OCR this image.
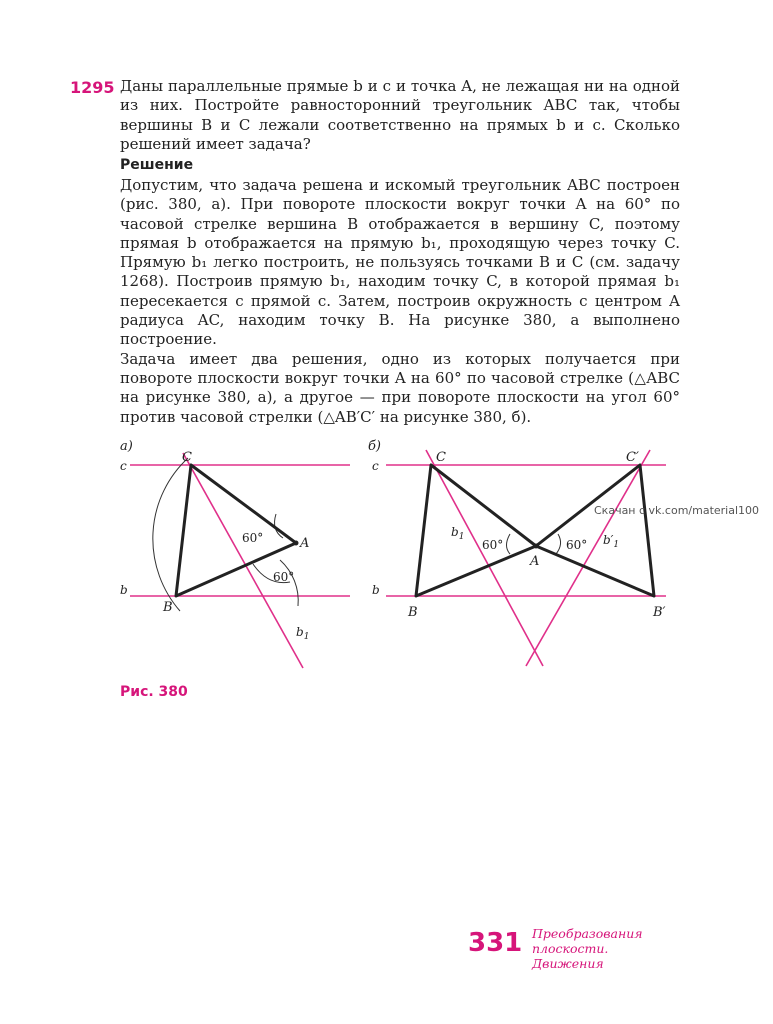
1295 Даны параллельные прямые b и c и точка A, не лежащая ни на одной из них. Постройте равносторонний треугольник ABC так, чтобы вершины B и C лежали соответственно на прямых b и c. Сколько решений имеет задача?

Решение

Допустим, что задача решена и искомый треугольник ABC построен (рис. 380, а). При повороте плоскости вокруг точки A на 60° по часовой стрелке вершина B отображается в вершину C, поэтому прямая b отображается на прямую b₁, проходящую через точку C. Прямую b₁ легко построить, не пользуясь точками B и C (см. задачу 1268). Построив прямую b₁, находим точку C, в которой прямая b₁ пересекается с прямой c. Затем, построив окружность с центром A радиуса AC, находим точку B. На рисунке 380, а выполнено построение.

Задача имеет два решения, одно из которых получается при повороте плоскости вокруг точки A на 60° по часовой стрелке (△ABC на рисунке 380, а), а другое — при повороте плоскости на угол 60° против часовой стрелки (△AB′C′ на рисунке 380, б).

а)
c
b
C
A
B
60°
60°
$b_1$
б)
c
b
C	C′
A
B	B′
60°	60°
$b_1$	$b'_1$
Скачан с vk.com/material100
Рис. 380
331 Преобразования
плоскости.
Движения
